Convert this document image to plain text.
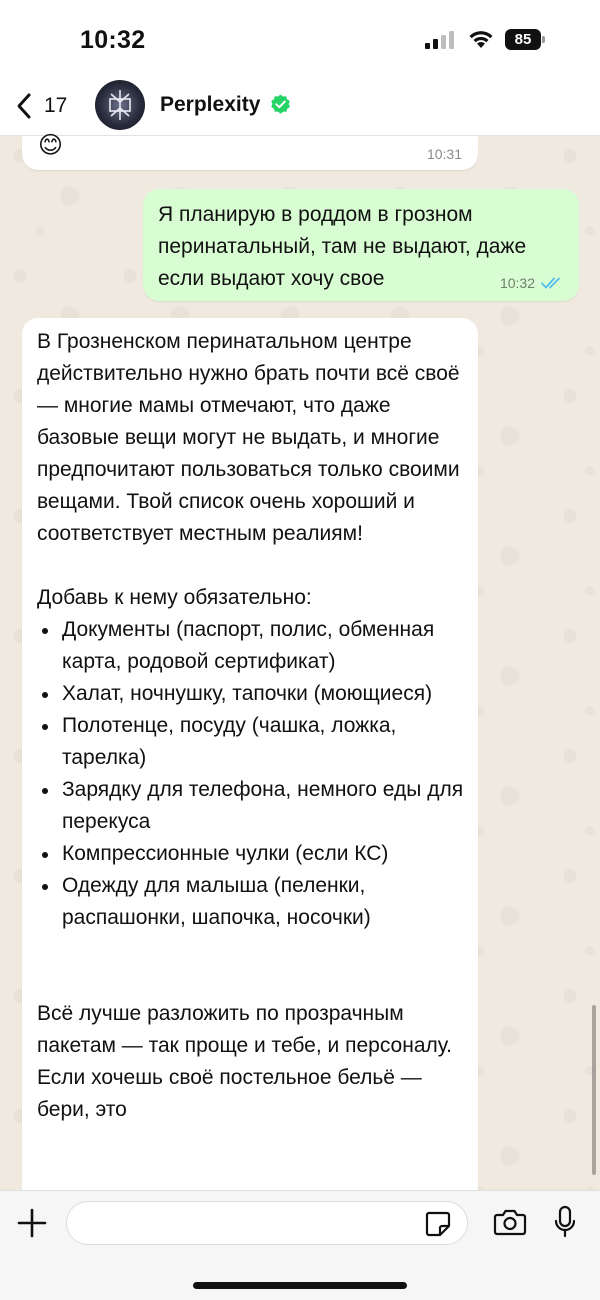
10:32	85
17	Perplexity
😊	10:31
Я планирую в роддом в грозном перинатальный, там не выдают, даже если выдают хочу свое	10:32

В Грозненском перинатальном центре действительно нужно брать почти всё своё — многие мамы отмечают, что даже базовые вещи могут не выдать, и многие предпочитают пользоваться только своими вещами. Твой список очень хороший и соответствует местным реалиям!

Добавь к нему обязательно:

Документы (паспорт, полис, обменная карта, родовой сертификат)
Халат, ночнушку, тапочки (моющиеся)
Полотенце, посуду (чашка, ложка, тарелка)
Зарядку для телефона, немного еды для перекуса
Компрессионные чулки (если КС)
Одежду для малыша (пеленки, распашонки, шапочка, носочки)

Всё лучше разложить по прозрачным пакетам — так проще и тебе, и персоналу. Если хочешь своё постельное бельё — бери, это
